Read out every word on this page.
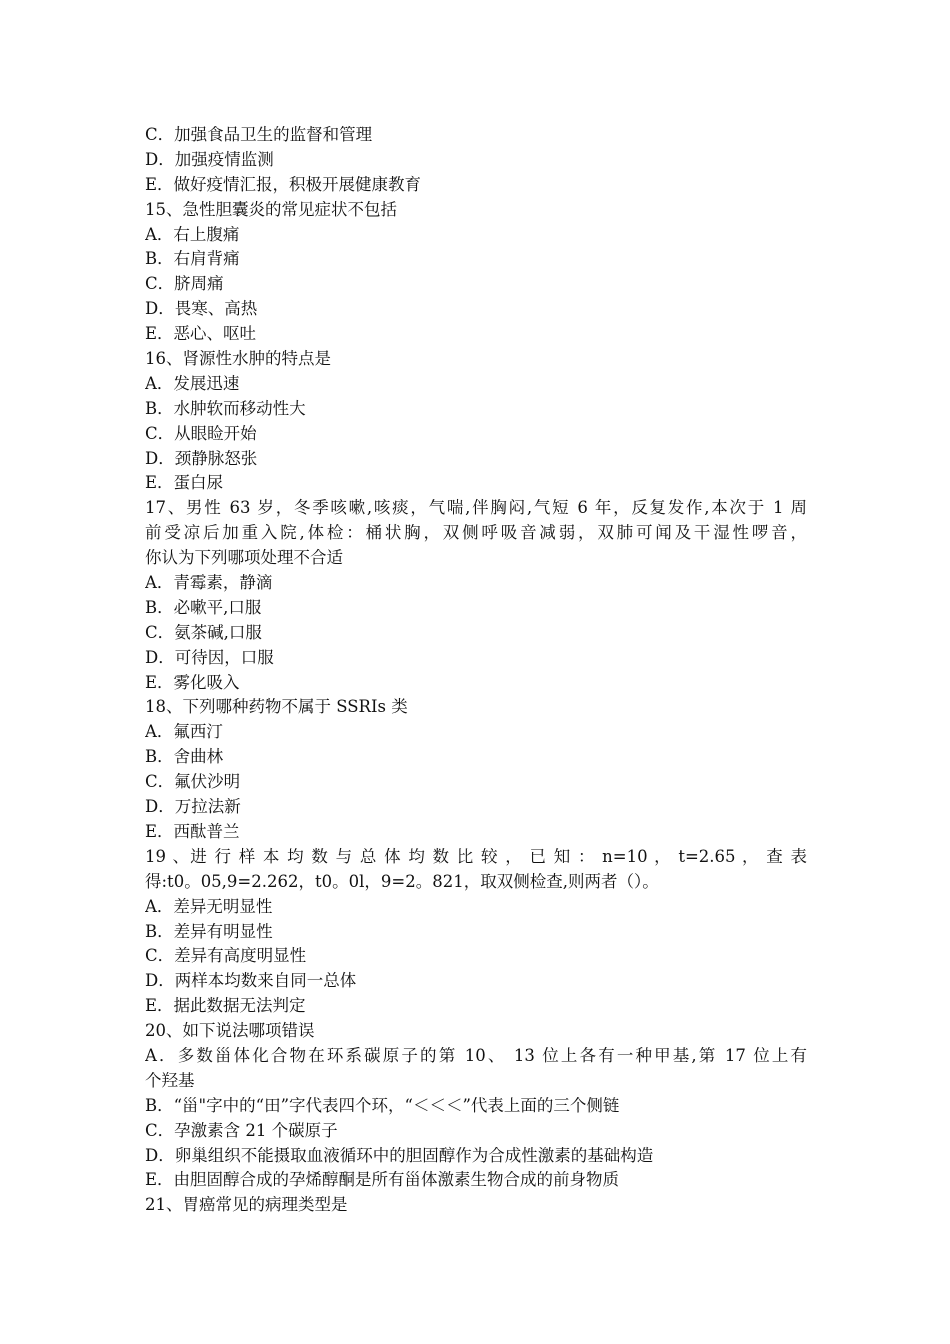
C．加强食品卫生的监督和管理
D．加强疫情监测
E．做好疫情汇报，积极开展健康教育
15、急性胆囊炎的常见症状不包括
A．右上腹痛
B．右肩背痛
C．脐周痛
D．畏寒、高热
E．恶心、呕吐
16、肾源性水肿的特点是
A．发展迅速
B．水肿软而移动性大
C．从眼睑开始
D．颈静脉怒张
E．蛋白尿
17、男性 63 岁，冬季咳嗽,咳痰，气喘,伴胸闷,气短 6 年，反复发作,本次于 1 周
前受凉后加重入院,体检：桶状胸，双侧呼吸音减弱，双肺可闻及干湿性啰音，
你认为下列哪项处理不合适
A．青霉素，静滴
B．必嗽平,口服
C．氨茶碱,口服
D．可待因，口服
E．雾化吸入
18、下列哪种药物不属于 SSRIs 类
A．氟西汀
B．舍曲林
C．氟伏沙明
D．万拉法新
E．西酞普兰
19 、进 行 样 本 均 数 与 总 体 均 数 比 较 ， 已 知 ： n=10 ， t=2.65 ， 查 表
得:t0。05,9=2.262，t0。0l，9=2。821，取双侧检查,则两者（）。
A．差异无明显性
B．差异有明显性
C．差异有高度明显性
D．两样本均数来自同一总体
E．据此数据无法判定
20、如下说法哪项错误
A．多数甾体化合物在环系碳原子的第 10、 13 位上各有一种甲基,第 17 位上有
个羟基
B．“甾"字中的“田”字代表四个环，“＜＜＜”代表上面的三个侧链
C．孕激素含 21 个碳原子
D．卵巢组织不能摄取血液循环中的胆固醇作为合成性激素的基础构造
E．由胆固醇合成的孕烯醇酮是所有甾体激素生物合成的前身物质
21、胃癌常见的病理类型是
